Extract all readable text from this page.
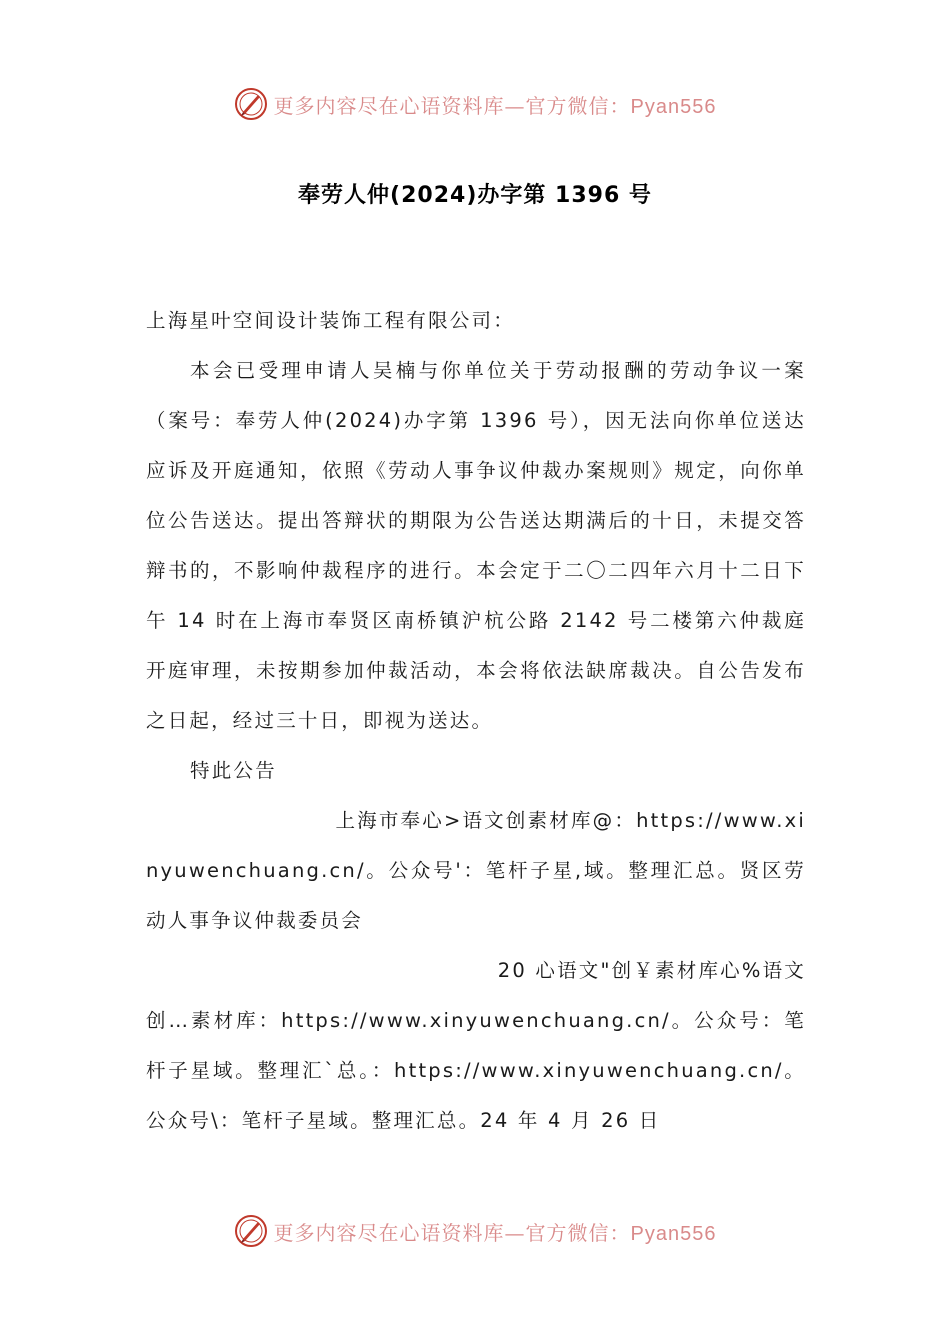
更多内容尽在心语资料库—官方微信：Pyan556
奉劳人仲(2024)办字第 1396 号

上海星叶空间设计装饰工程有限公司：

本会已受理申请人吴楠与你单位关于劳动报酬的劳动争议一案（案号：奉劳人仲(2024)办字第 1396 号），因无法向你单位送达应诉及开庭通知，依照《劳动人事争议仲裁办案规则》规定，向你单位公告送达。提出答辩状的期限为公告送达期满后的十日，未提交答辩书的，不影响仲裁程序的进行。本会定于二〇二四年六月十二日下午 14 时在上海市奉贤区南桥镇沪杭公路 2142 号二楼第六仲裁庭开庭审理，未按期参加仲裁活动，本会将依法缺席裁决。自公告发布之日起，经过三十日，即视为送达。

特此公告

上海市奉心>语文创素材库@：https://www.xi

nyuwenchuang.cn/。公众号'：笔杆子星,域。整理汇总。贤区劳动人事争议仲裁委员会

20 心语文"创￥素材库心%语文

创…素材库：https://www.xinyuwenchuang.cn/。公众号：笔杆子星域。整理汇`总。：https://www.xinyuwenchuang.cn/。公众号\：笔杆子星域。整理汇总。24 年 4 月 26 日

更多内容尽在心语资料库—官方微信：Pyan556
